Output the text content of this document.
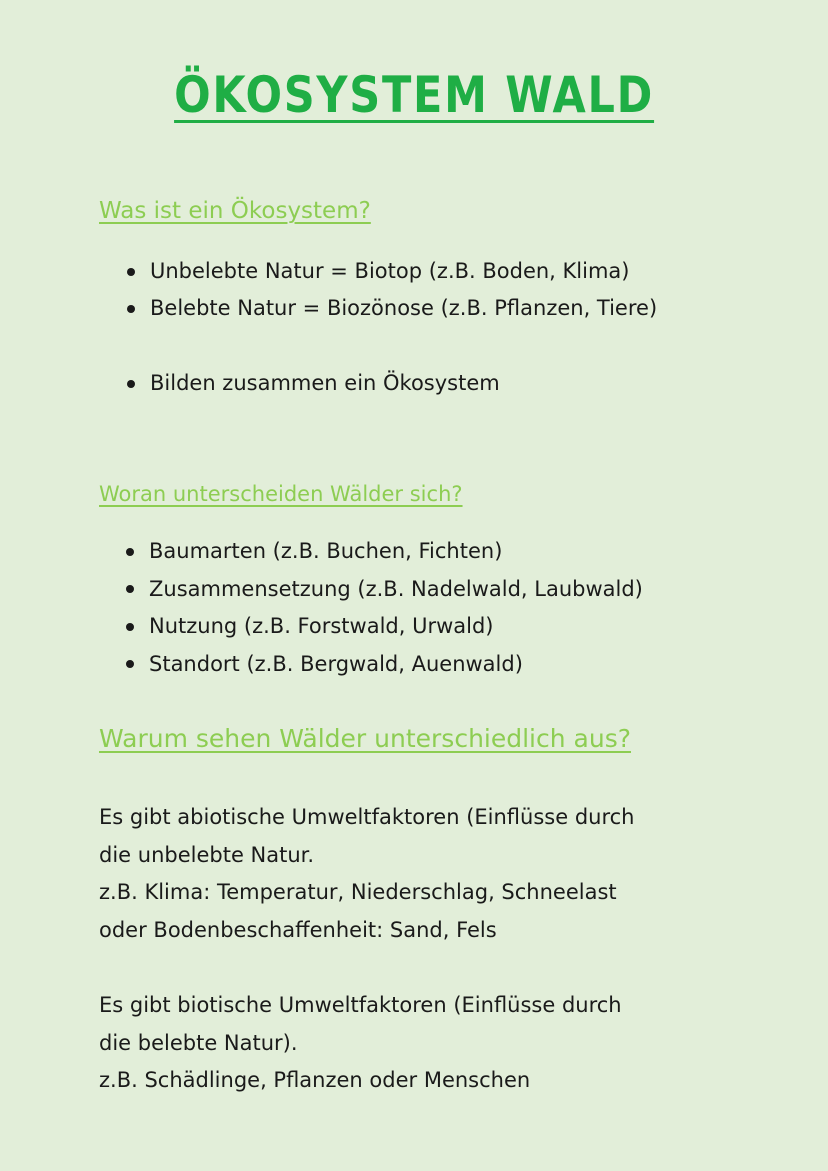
ÖKOSYSTEM WALD
Was ist ein Ökosystem?
Unbelebte Natur = Biotop (z.B. Boden, Klima)
Belebte Natur = Biozönose (z.B. Pflanzen, Tiere)
Bilden zusammen ein Ökosystem
Woran unterscheiden Wälder sich?
Baumarten (z.B. Buchen, Fichten)
Zusammensetzung (z.B. Nadelwald, Laubwald)
Nutzung (z.B. Forstwald, Urwald)
Standort (z.B. Bergwald, Auenwald)
Warum sehen Wälder unterschiedlich aus?

Es gibt abiotische Umweltfaktoren (Einflüsse durch
die unbelebte Natur.
z.B. Klima: Temperatur, Niederschlag, Schneelast
oder Bodenbeschaffenheit: Sand, Fels

Es gibt biotische Umweltfaktoren (Einflüsse durch
die belebte Natur).
z.B. Schädlinge, Pflanzen oder Menschen
